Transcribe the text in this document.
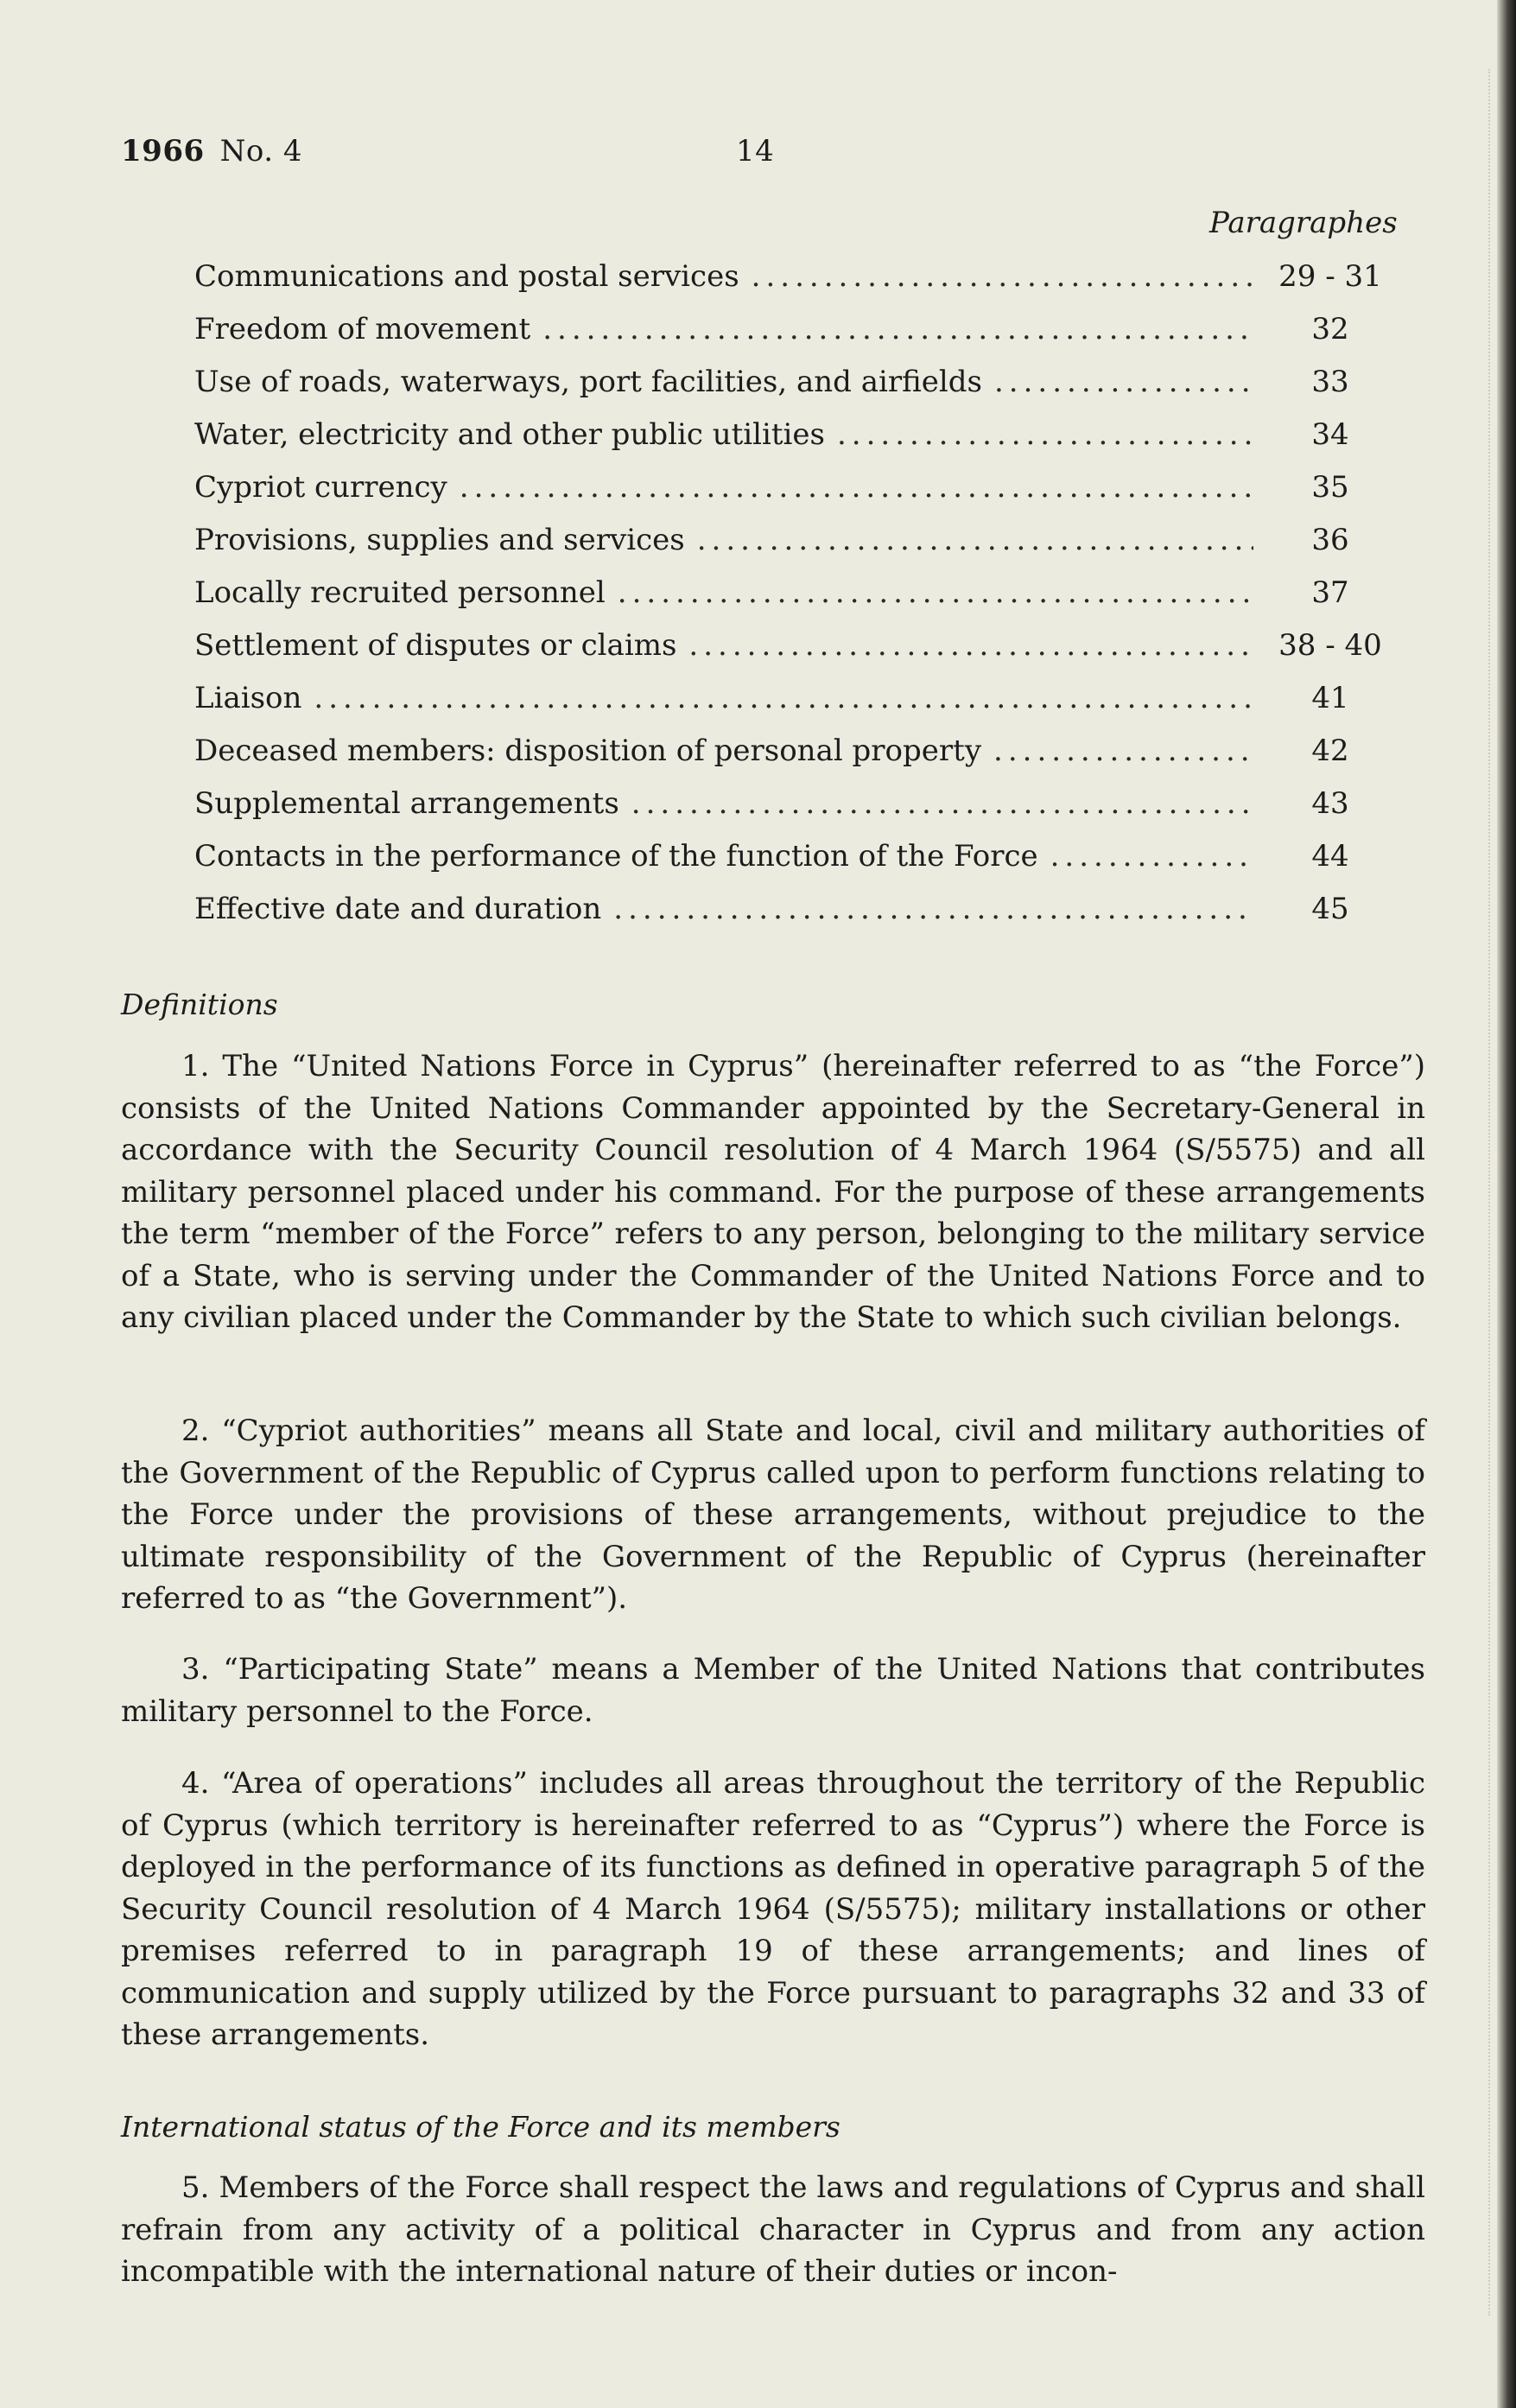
1966 No. 4	14
Paragraphes
Communications and postal services .....	29 - 31
Freedom of movement .....	32
Use of roads, waterways, port facilities, and airfields .....	33
Water, electricity and other public utilities .....	34
Cypriot currency .....	35
Provisions, supplies and services .....	36
Locally recruited personnel .....	37
Settlement of disputes or claims .....	38 - 40
Liaison .....	41
Deceased members: disposition of personal property .....	42
Supplemental arrangements .....	43
Contacts in the performance of the function of the Force .....	44
Effective date and duration .....	45
Definitions

1. The “United Nations Force in Cyprus” (hereinafter referred to as “the Force”) consists of the United Nations Commander appointed by the Secretary-General in accordance with the Security Council resolution of 4 March 1964 (S/5575) and all military personnel placed under his command. For the purpose of these arrangements the term “member of the Force” refers to any person, belonging to the military service of a State, who is serving under the Commander of the United Nations Force and to any civilian placed under the Commander by the State to which such civilian belongs.

2. “Cypriot authorities” means all State and local, civil and military authorities of the Government of the Republic of Cyprus called upon to perform functions relating to the Force under the provisions of these arrangements, without prejudice to the ultimate responsibility of the Government of the Republic of Cyprus (hereinafter referred to as “the Government”).

3. “Participating State” means a Member of the United Nations that contributes military personnel to the Force.

4. “Area of operations” includes all areas throughout the territory of the Republic of Cyprus (which territory is hereinafter referred to as “Cyprus”) where the Force is deployed in the performance of its functions as defined in operative paragraph 5 of the Security Council resolution of 4 March 1964 (S/5575); military installations or other premises referred to in paragraph 19 of these arrangements; and lines of communication and supply utilized by the Force pursuant to paragraphs 32 and 33 of these arrangements.

International status of the Force and its members

5. Members of the Force shall respect the laws and regulations of Cyprus and shall refrain from any activity of a political character in Cyprus and from any action incompatible with the international nature of their duties or incon-
